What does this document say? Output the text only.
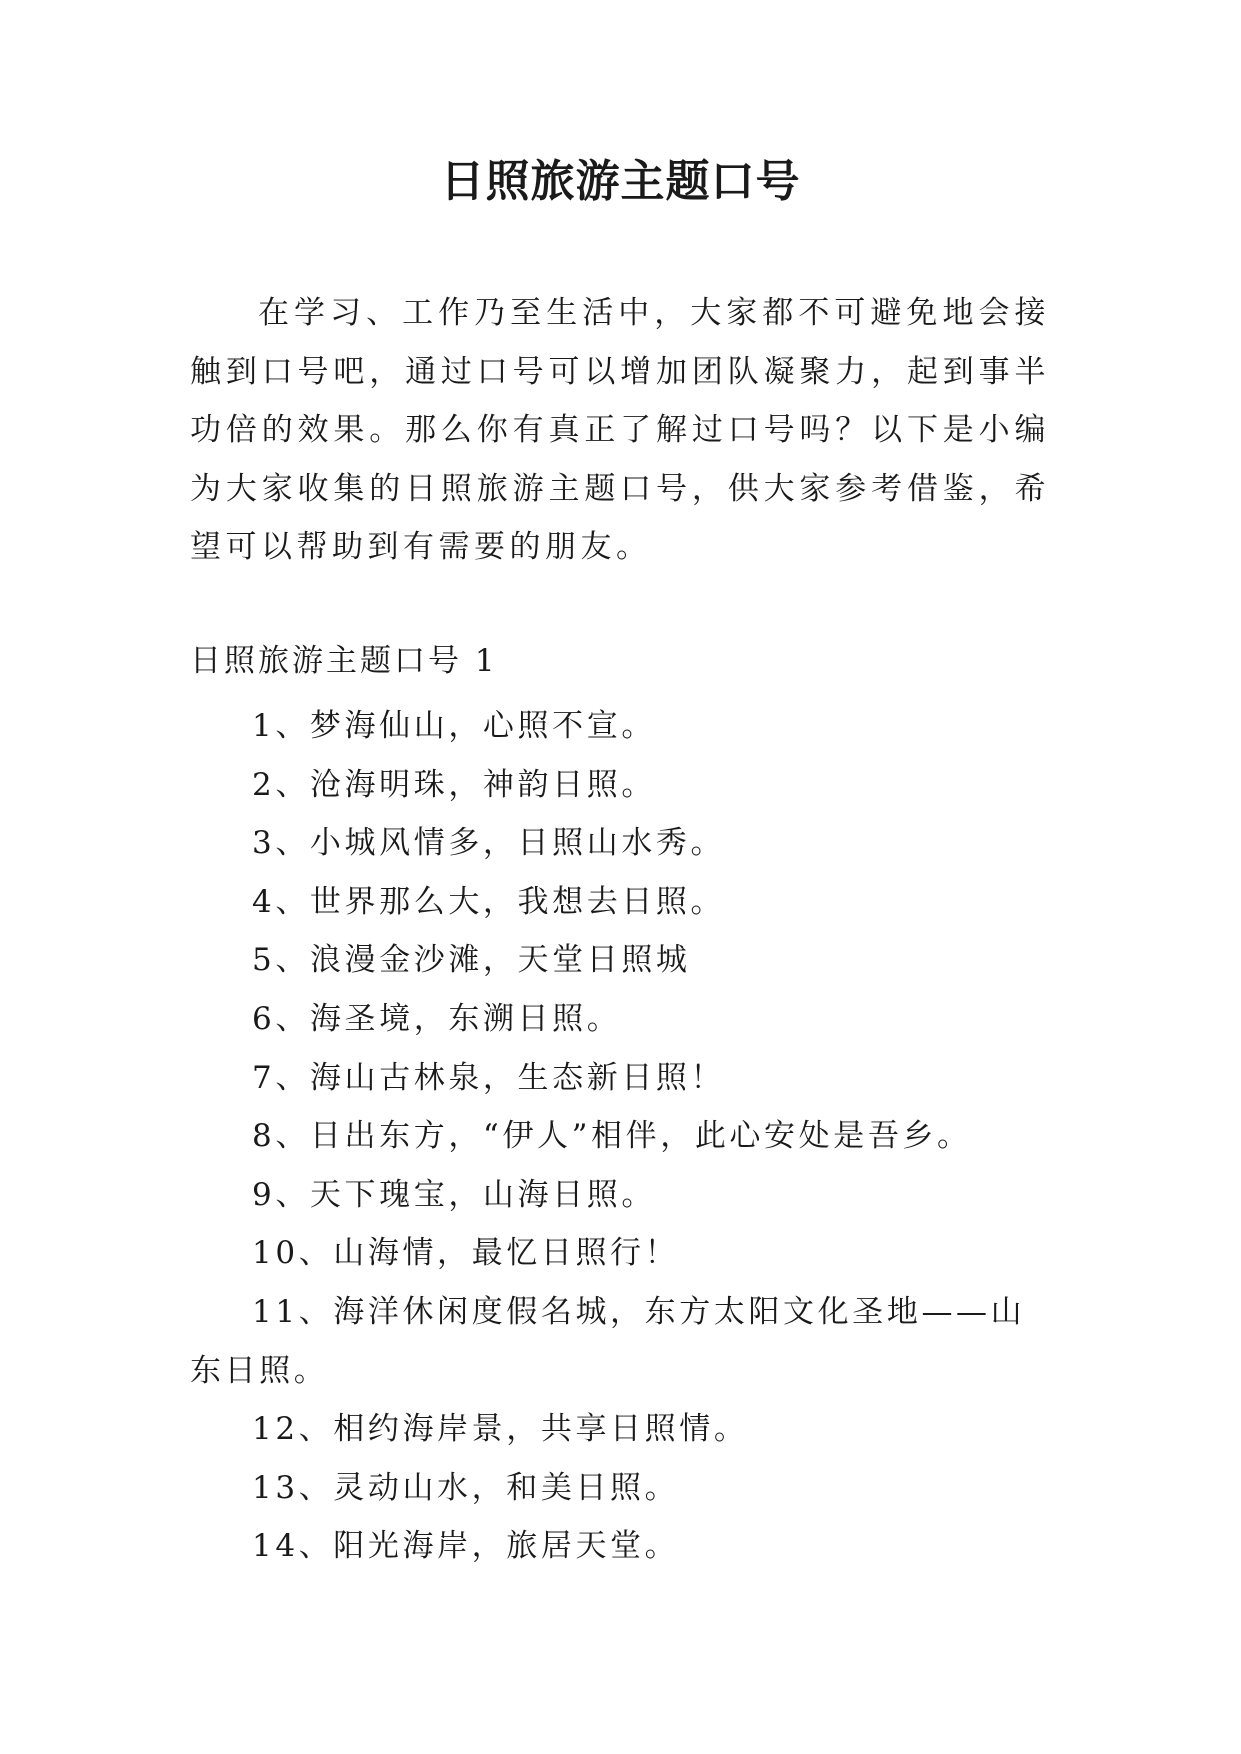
日照旅游主题口号

在学习、工作乃至生活中，大家都不可避免地会接触到口号吧，通过口号可以增加团队凝聚力，起到事半功倍的效果。那么你有真正了解过口号吗？以下是小编为大家收集的日照旅游主题口号，供大家参考借鉴，希望可以帮助到有需要的朋友。

日照旅游主题口号 1

1、梦海仙山，心照不宣。
2、沧海明珠，神韵日照。
3、小城风情多，日照山水秀。
4、世界那么大，我想去日照。
5、浪漫金沙滩，天堂日照城
6、海圣境，东溯日照。
7、海山古林泉，生态新日照！
8、日出东方，“伊人”相伴，此心安处是吾乡。
9、天下瑰宝，山海日照。
10、山海情，最忆日照行！
11、海洋休闲度假名城，东方太阳文化圣地——山东日照。
12、相约海岸景，共享日照情。
13、灵动山水，和美日照。
14、阳光海岸，旅居天堂。
